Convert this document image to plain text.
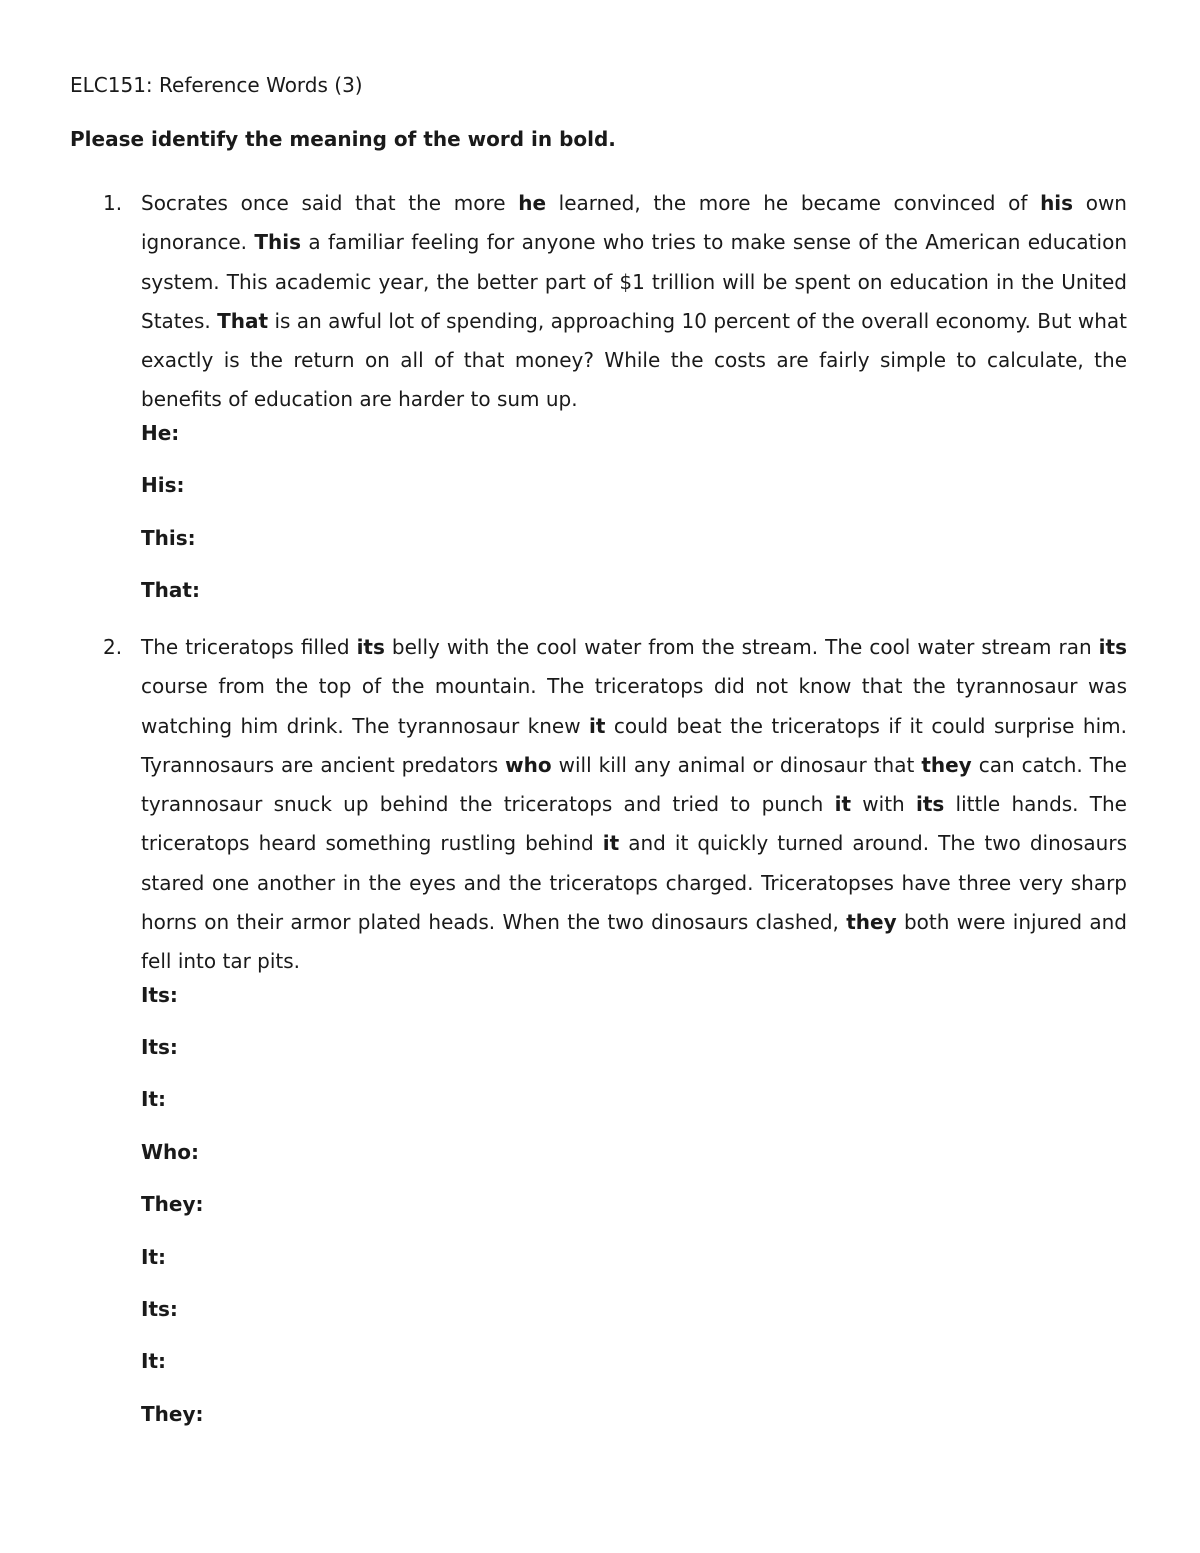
ELC151: Reference Words (3)
Please identify the meaning of the word in bold.
1. Socrates once said that the more he learned, the more he became convinced of his own ignorance. This a familiar feeling for anyone who tries to make sense of the American education system. This academic year, the better part of $1 trillion will be spent on education in the United States. That is an awful lot of spending, approaching 10 percent of the overall economy. But what exactly is the return on all of that money? While the costs are fairly simple to calculate, the benefits of education are harder to sum up.

He:
His:
This:
That:
2. The triceratops filled its belly with the cool water from the stream. The cool water stream ran its course from the top of the mountain. The triceratops did not know that the tyrannosaur was watching him drink. The tyrannosaur knew it could beat the triceratops if it could surprise him. Tyrannosaurs are ancient predators who will kill any animal or dinosaur that they can catch. The tyrannosaur snuck up behind the triceratops and tried to punch it with its little hands. The triceratops heard something rustling behind it and it quickly turned around. The two dinosaurs stared one another in the eyes and the triceratops charged. Triceratopses have three very sharp horns on their armor plated heads. When the two dinosaurs clashed, they both were injured and fell into tar pits.

Its:
Its:
It:
Who:
They:
It:
Its:
It:
They:
